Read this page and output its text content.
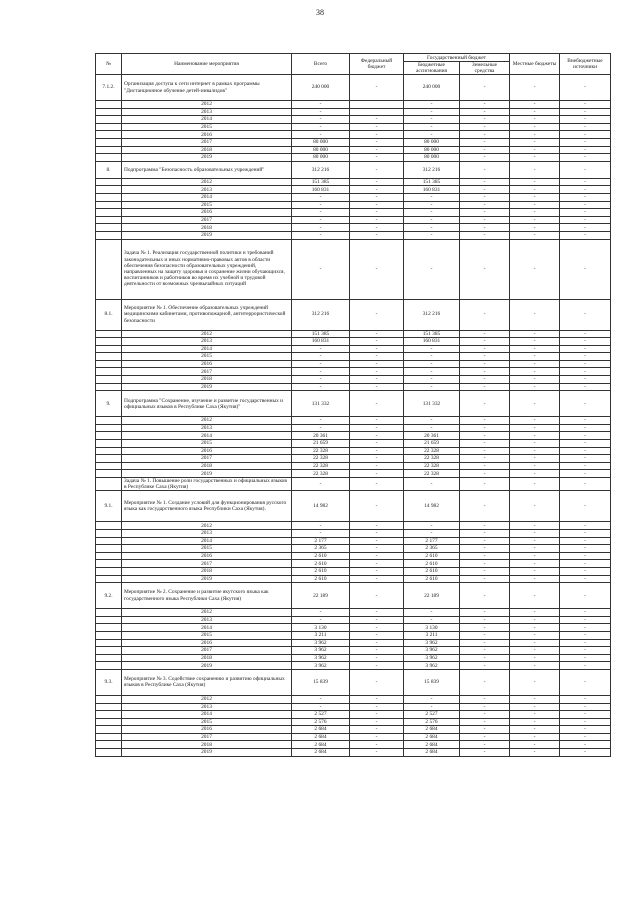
38
№	Наименование мероприятия	Всего	Федеральный бюджет	Государственный бюджет		Местные бюджеты	Внебюджетные источники
				Бюджетные ассигнования	Земельные средства		
7.1.2.	Организация доступа к сети интернет в рамках программы "Дистанционное обучение детей-инвалидов"	240 000	-	240 000	-	-	-
	2012	-		-	-	-	-
	2013	-		-	-	-	-
	2014	-	-	-	-	-	-
	2015	-	-	-	-	-	-
	2016	-	-	-	-	-	-
	2017	80 000	-	80 000	-	-	-
	2018	80 000	-	80 000	-	-	-
	2019	80 000	-	80 000	-	-	-
8.	Подпрограмма "Безопасность образовательных учреждений"	312 216	-	312 216	-	-	-
	2012	151 385	-	151 385	-	-	-
	2013	160 831	-	160 831	-	-	-
	2014	-	-	-	-	-	-
	2015	-	-	-	-	-	-
	2016	-	-	-	-	-	-
	2017	-	-	-	-	-	-
	2018	-	-	-	-	-	-
	2019	-	-	-	-	-	-
	Задача № 1. Реализация государственной политики и требований законодательных и иных нормативно-правовых актов в области обеспечения безопасности образовательных учреждений, направленных на защиту здоровья и сохранение жизни обучающихся, воспитанников и работников во время их учебной и трудовой деятельности от возможных чрезвычайных ситуаций	-	-	-	-	-	-
8.1.	Мероприятие № 1. Обеспечение образовательных учреждений медицинскими кабинетами, противопожарной, антитеррористической безопасности	312 216	-	312 216	-	-	-
	2012	151 385	-	151 385	-	-	-
	2013	160 831	-	160 831	-	-	-
	2014	-	-	-	-	-	-
	2015	-	-	-	-	-	-
	2016	-	-	-	-	-	-
	2017	-	-	-	-	-	-
	2018	-	-	-	-	-	-
	2019	-	-	-	-	-	-
9.	Подпрограмма "Сохранение, изучение и развитие государственных и официальных языков в Республике Саха (Якутия)"	131 332	-	131 332	-	-	-
	2012	-	-	-	-	-	-
	2013	-	-	-	-	-	-
	2014	20 361	-	20 361	-	-	-
	2015	21 659	-	21 659	-	-	-
	2016	22 328	-	22 328	-	-	-
	2017	22 328	-	22 328	-	-	-
	2018	22 328	-	22 328	-	-	-
	2019	22 328	-	22 328	-	-	-
	Задача № 1. Повышение роли государственных и официальных языков в Республике Саха (Якутия)	-	-	-	-	-	-
9.1.	Мероприятие № 1. Создание условий для функционирования русского языка как государственного языка Республики Саха (Якутия).	14 982	-	14 982	-	-	-
	2012	-	-	-	-	-	-
	2013	-	-	-	-	-	-
	2014	2 177	-	2 177	-	-	-
	2015	2 365	-	2 365	-	-	-
	2016	2 610	-	2 610	-	-	-
	2017	2 610	-	2 610	-	-	-
	2018	2 610	-	2 610	-	-	-
	2019	2 610	-	2 610	-	-	-
9.2.	Мероприятие № 2. Сохранение и развитие якутского языка как государственного языка Республики Саха (Якутия)	22 189	-	22 189	-	-	-
	2012	-	-	-	-	-	-
	2013	-	-	-	-	-	-
	2014	3 130	-	3 130	-	-	-
	2015	3 211	-	3 211	-	-	-
	2016	3 962	-	3 962	-	-	-
	2017	3 962	-	3 962	-	-	-
	2018	3 962	-	3 962	-	-	-
	2019	3 962	-	3 962	-	-	-
9.3.	Мероприятие № 3. Содействие сохранению и развитию официальных языков в Республике Саха (Якутия)	15 839	-	15 839	-	-	-
	2012	-	-	-	-	-	-
	2013	-	-	-	-	-	-
	2014	2 527	-	2 527	-	-	-
	2015	2 576	-	2 576	-	-	-
	2016	2 684	-	2 684	-	-	-
	2017	2 684	-	2 684	-	-	-
	2018	2 684	-	2 684	-	-	-
	2019	2 684	-	2 684	-	-	-
